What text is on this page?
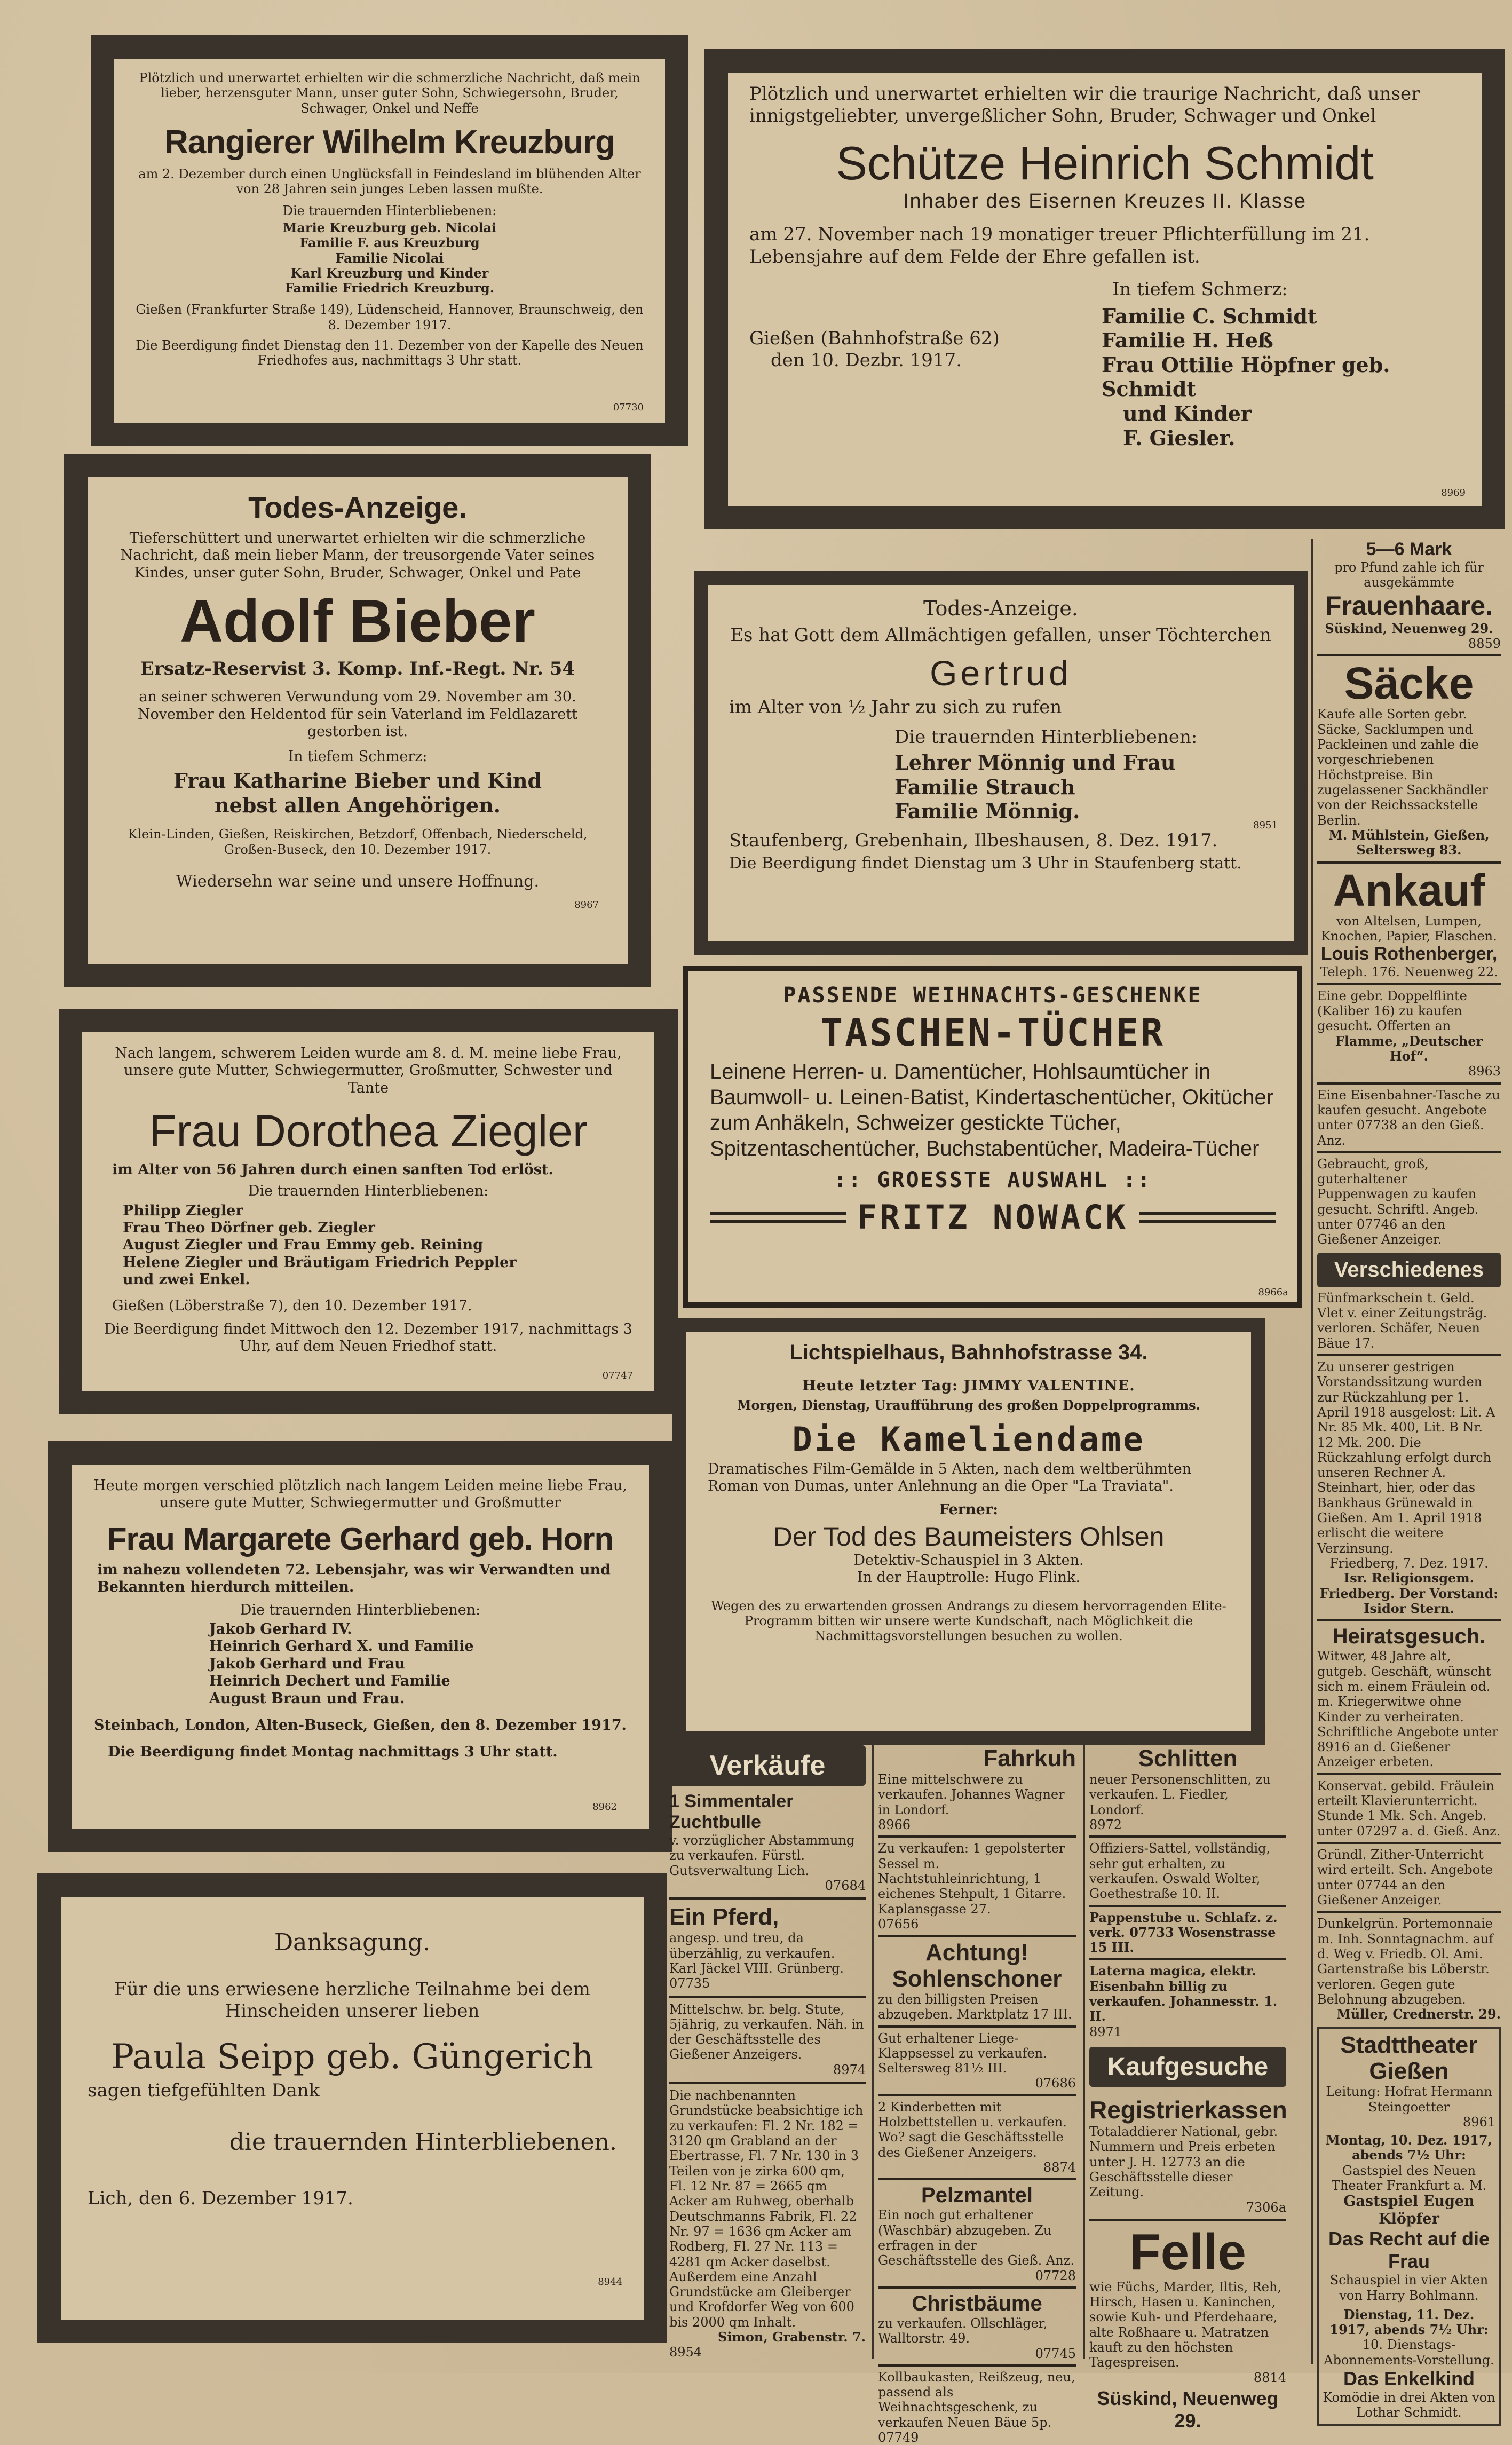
Plötzlich und unerwartet erhielten wir die schmerzliche Nachricht, daß mein lieber, herzensguter Mann, unser guter Sohn, Schwiegersohn, Bruder, Schwager, Onkel und Neffe

Rangierer Wilhelm Kreuzburg

am 2. Dezember durch einen Unglücksfall in Feindesland im blühenden Alter von 28 Jahren sein junges Leben lassen mußte.

Die trauernden Hinterbliebenen:

Marie Kreuzburg geb. Nicolai
Familie F. aus Kreuzburg
Familie Nicolai
Karl Kreuzburg und Kinder
Familie Friedrich Kreuzburg.

Gießen (Frankfurter Straße 149), Lüdenscheid, Hannover, Braunschweig, den 8. Dezember 1917.

Die Beerdigung findet Dienstag den 11. Dezember von der Kapelle des Neuen Friedhofes aus, nachmittags 3 Uhr statt.

07730

Todes-Anzeige.

Tieferschüttert und unerwartet erhielten wir die schmerzliche Nachricht, daß mein lieber Mann, der treusorgende Vater seines Kindes, unser guter Sohn, Bruder, Schwager, Onkel und Pate

Adolf Bieber

Ersatz-Reservist 3. Komp. Inf.-Regt. Nr. 54

an seiner schweren Verwundung vom 29. November am 30. November den Heldentod für sein Vaterland im Feldlazarett gestorben ist.

In tiefem Schmerz:

Frau Katharine Bieber und Kind
nebst allen Angehörigen.

Klein-Linden, Gießen, Reiskirchen, Betzdorf, Offenbach, Niederscheld, Großen-Buseck, den 10. Dezember 1917.

Wiedersehn war seine und unsere Hoffnung.

8967

Nach langem, schwerem Leiden wurde am 8. d. M. meine liebe Frau, unsere gute Mutter, Schwiegermutter, Großmutter, Schwester und Tante

Frau Dorothea Ziegler

im Alter von 56 Jahren durch einen sanften Tod erlöst.

Die trauernden Hinterbliebenen:

Philipp Ziegler
Frau Theo Dörfner geb. Ziegler
August Ziegler und Frau Emmy geb. Reining
Helene Ziegler und Bräutigam Friedrich Peppler
und zwei Enkel.

Gießen (Löberstraße 7), den 10. Dezember 1917.

Die Beerdigung findet Mittwoch den 12. Dezember 1917, nachmittags 3 Uhr, auf dem Neuen Friedhof statt.

07747

Heute morgen verschied plötzlich nach langem Leiden meine liebe Frau, unsere gute Mutter, Schwiegermutter und Großmutter

Frau Margarete Gerhard geb. Horn

im nahezu vollendeten 72. Lebensjahr, was wir Verwandten und Bekannten hierdurch mitteilen.

Die trauernden Hinterbliebenen:

Jakob Gerhard IV.
Heinrich Gerhard X. und Familie
Jakob Gerhard und Frau
Heinrich Dechert und Familie
August Braun und Frau.

Steinbach, London, Alten-Buseck, Gießen, den 8. Dezember 1917.

Die Beerdigung findet Montag nachmittags 3 Uhr statt.

8962

Danksagung.

Für die uns erwiesene herzliche Teilnahme bei dem Hinscheiden unserer lieben

Paula Seipp geb. Güngerich

sagen tiefgefühlten Dank

die trauernden Hinterbliebenen.

Lich, den 6. Dezember 1917.

8944

Plötzlich und unerwartet erhielten wir die traurige Nachricht, daß unser innigstgeliebter, unvergeßlicher Sohn, Bruder, Schwager und Onkel

Schütze Heinrich Schmidt

Inhaber des Eisernen Kreuzes II. Klasse

am 27. November nach 19 monatiger treuer Pflichterfüllung im 21. Lebensjahre auf dem Felde der Ehre gefallen ist.

In tiefem Schmerz:

Gießen (Bahnhofstraße 62)
den 10. Dezbr. 1917.
Familie C. Schmidt
Familie H. Heß
Frau Ottilie Höpfner geb. Schmidt
und Kinder
F. Giesler.
8969

Todes-Anzeige.

Es hat Gott dem Allmächtigen gefallen, unser Töchterchen

Gertrud

im Alter von ½ Jahr zu sich zu rufen

Die trauernden Hinterbliebenen:

Lehrer Mönnig und Frau
Familie Strauch
Familie Mönnig.

Staufenberg, Grebenhain, Ilbeshausen, 8. Dez. 1917.

Die Beerdigung findet Dienstag um 3 Uhr in Staufenberg statt.

8951

PASSENDE WEIHNACHTS-GESCHENKE

TASCHEN-TÜCHER

Leinene Herren- u. Damentücher, Hohlsaumtücher in Baumwoll- u. Leinen-Batist, Kindertaschentücher, Okitücher zum Anhäkeln, Schweizer gestickte Tücher, Spitzentaschentücher, Buchstabentücher, Madeira-Tücher

:: GROESSTE AUSWAHL ::

FRITZ NOWACK

8966a

Lichtspielhaus, Bahnhofstrasse 34.

Heute letzter Tag: JIMMY VALENTINE.

Morgen, Dienstag, Uraufführung des großen Doppelprogramms.

Die Kameliendame

Dramatisches Film-Gemälde in 5 Akten, nach dem weltberühmten Roman von Dumas, unter Anlehnung an die Oper "La Traviata".

Ferner:

Der Tod des Baumeisters Ohlsen

Detektiv-Schauspiel in 3 Akten.

In der Hauptrolle: Hugo Flink.

Wegen des zu erwartenden grossen Andrangs zu diesem hervorragenden Elite-Programm bitten wir unsere werte Kundschaft, nach Möglichkeit die Nachmittagsvorstellungen besuchen zu wollen.

Verkäufe

1 Simmentaler Zuchtbulle

v. vorzüglicher Abstammung zu verkaufen. Fürstl. Gutsverwaltung Lich.

07684

Ein Pferd,

angesp. und treu, da überzählig, zu verkaufen. Karl Jäckel VIII. Grünberg.

07735

Mittelschw. br. belg. Stute, 5jährig, zu verkaufen. Näh. in der Geschäftsstelle des Gießener Anzeigers.

8974

Die nachbenannten Grundstücke beabsichtige ich zu verkaufen: Fl. 2 Nr. 182 = 3120 qm Grabland an der Ebertrasse, Fl. 7 Nr. 130 in 3 Teilen von je zirka 600 qm, Fl. 12 Nr. 87 = 2665 qm Acker am Ruhweg, oberhalb Deutschmanns Fabrik, Fl. 22 Nr. 97 = 1636 qm Acker am Rodberg, Fl. 27 Nr. 113 = 4281 qm Acker daselbst. Außerdem eine Anzahl Grundstücke am Gleiberger und Krofdorfer Weg von 600 bis 2000 qm Inhalt.

Simon, Grabenstr. 7.

8954

Fahrkuh

Eine mittelschwere zu verkaufen. Johannes Wagner in Londorf.

8966

Zu verkaufen: 1 gepolsterter Sessel m. Nachtstuhleinrichtung, 1 eichenes Stehpult, 1 Gitarre. Kaplansgasse 27.

07656

Achtung! Sohlenschoner

zu den billigsten Preisen abzugeben. Marktplatz 17 III.

Gut erhaltener Liege-Klappsessel zu verkaufen. Seltersweg 81½ III.

07686

2 Kinderbetten mit Holzbettstellen u. verkaufen. Wo? sagt die Geschäftsstelle des Gießener Anzeigers.

8874

Pelzmantel

Ein noch gut erhaltener (Waschbär) abzugeben. Zu erfragen in der Geschäftsstelle des Gieß. Anz.

07728

Christbäume

zu verkaufen. Ollschläger, Walltorstr. 49.

07745

Kollbaukasten, Reißzeug, neu, passend als Weihnachtsgeschenk, zu verkaufen Neuen Bäue 5p.

07749

Schlitten

neuer Personenschlitten, zu verkaufen. L. Fiedler, Londorf.

8972

Offiziers-Sattel, vollständig, sehr gut erhalten, zu verkaufen. Oswald Wolter, Goethestraße 10. II.

Pappenstube u. Schlafz. z. verk. 07733 Wosenstrasse 15 III.

Laterna magica, elektr. Eisenbahn billig zu verkaufen. Johannesstr. 1. II.

8971
Kaufgesuche

Registrierkassen

Totaladdierer National, gebr. Nummern und Preis erbeten unter J. H. 12773 an die Geschäftsstelle dieser Zeitung.

7306a

Felle

wie Füchs, Marder, Iltis, Reh, Hirsch, Hasen u. Kaninchen, sowie Kuh- und Pferdehaare, alte Roßhaare u. Matratzen kauft zu den höchsten Tagespreisen.

8814

Süskind, Neuenweg 29.

5—6 Mark

pro Pfund zahle ich für ausgekämmte

Frauenhaare.

Süskind, Neuenweg 29.

8859

Säcke

Kaufe alle Sorten gebr. Säcke, Sacklumpen und Packleinen und zahle die vorgeschriebenen Höchstpreise. Bin zugelassener Sackhändler von der Reichssackstelle Berlin.

M. Mühlstein, Gießen, Seltersweg 83.

Ankauf

von Altelsen, Lumpen, Knochen, Papier, Flaschen.

Louis Rothenberger,

Teleph. 176. Neuenweg 22.

Eine gebr. Doppelflinte (Kaliber 16) zu kaufen gesucht. Offerten an

Flamme, „Deutscher Hof“.

8963

Eine Eisenbahner-Tasche zu kaufen gesucht. Angebote unter 07738 an den Gieß. Anz.

Gebraucht, groß, guterhaltener Puppenwagen zu kaufen gesucht. Schriftl. Angeb. unter 07746 an den Gießener Anzeiger.

Verschiedenes

Fünfmarkschein t. Geld. Vlet v. einer Zeitungsträg. verloren. Schäfer, Neuen Bäue 17.

Zu unserer gestrigen Vorstandssitzung wurden zur Rückzahlung per 1. April 1918 ausgelost: Lit. A Nr. 85 Mk. 400, Lit. B Nr. 12 Mk. 200. Die Rückzahlung erfolgt durch unseren Rechner A. Steinhart, hier, oder das Bankhaus Grünewald in Gießen. Am 1. April 1918 erlischt die weitere Verzinsung.

Friedberg, 7. Dez. 1917.

Isr. Religionsgem. Friedberg. Der Vorstand: Isidor Stern.

Heiratsgesuch.

Witwer, 48 Jahre alt, gutgeb. Geschäft, wünscht sich m. einem Fräulein od. m. Kriegerwitwe ohne Kinder zu verheiraten. Schriftliche Angebote unter 8916 an d. Gießener Anzeiger erbeten.

Konservat. gebild. Fräulein erteilt Klavierunterricht. Stunde 1 Mk. Sch. Angeb. unter 07297 a. d. Gieß. Anz.

Gründl. Zither-Unterricht wird erteilt. Sch. Angebote unter 07744 an den Gießener Anzeiger.

Dunkelgrün. Portemonnaie m. Inh. Sonntagnachm. auf d. Weg v. Friedb. Ol. Ami. Gartenstraße bis Löberstr. verloren. Gegen gute Belohnung abzugeben.

Müller, Crednerstr. 29.

Stadttheater Gießen

Leitung: Hofrat Hermann Steingoetter

8961

Montag, 10. Dez. 1917, abends 7½ Uhr:

Gastspiel des Neuen Theater Frankfurt a. M.

Gastspiel Eugen Klöpfer

Das Recht auf die Frau

Schauspiel in vier Akten von Harry Bohlmann.

Dienstag, 11. Dez. 1917, abends 7½ Uhr:

10. Dienstags-Abonnements-Vorstellung.

Das Enkelkind

Komödie in drei Akten von Lothar Schmidt.
